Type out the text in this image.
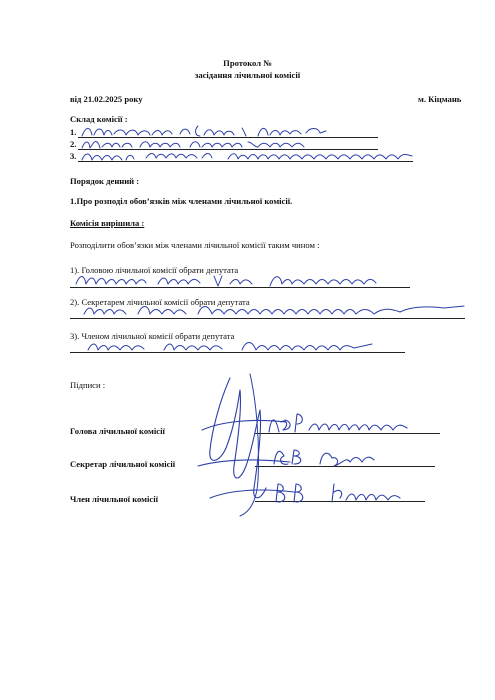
Протокол №
засідання лічильної комісії
від 21.02.2025 року	м. Кіцмань
Склад комісії :
1.
2.
3.
Порядок денний :
1.Про розподіл обов’язків між членами лічильної комісії.
Комісія вирішила :
Розподілити обов’язки між членами лічильної комісії таким чином :
1). Головою лічильної комісії обрати депутата
2). Секретарем лічильної комісії обрати депутата
3). Членом лічильної комісії обрати депутата
Підписи :
Голова лічильної комісії
Секретар лічильної комісії
Член лічильної комісії
